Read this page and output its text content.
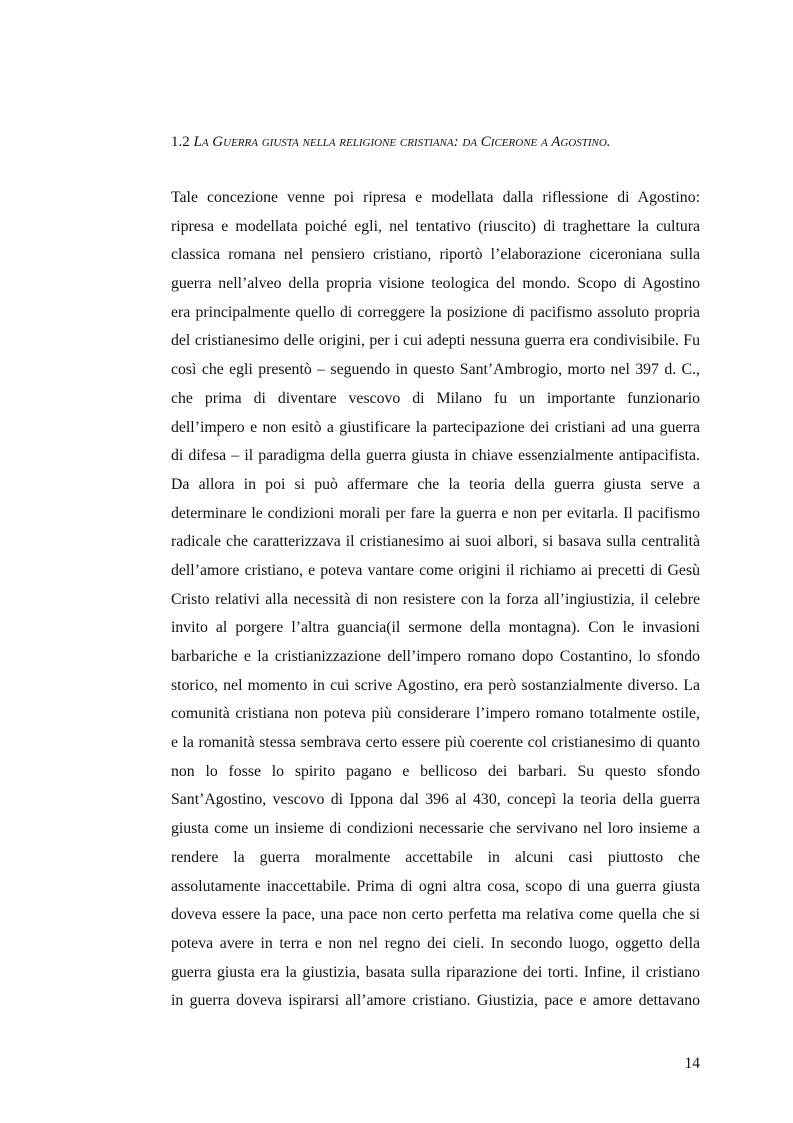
1.2 La Guerra giusta nella religione cristiana: da Cicerone a Agostino.
Tale concezione venne poi ripresa e modellata dalla riflessione di Agostino:
ripresa e modellata poiché egli, nel tentativo (riuscito) di traghettare la cultura
classica romana nel pensiero cristiano, riportò l’elaborazione ciceroniana sulla
guerra nell’alveo della propria visione teologica del mondo. Scopo di Agostino
era principalmente quello di correggere la posizione di pacifismo assoluto propria
del cristianesimo delle origini, per i cui adepti nessuna guerra era condivisibile. Fu
così che egli presentò – seguendo in questo Sant’Ambrogio, morto nel 397 d. C.,
che prima di diventare vescovo di Milano fu un importante funzionario
dell’impero e non esitò a giustificare la partecipazione dei cristiani ad una guerra
di difesa – il paradigma della guerra giusta in chiave essenzialmente antipacifista.
Da allora in poi si può affermare che la teoria della guerra giusta serve a
determinare le condizioni morali per fare la guerra e non per evitarla. Il pacifismo
radicale che caratterizzava il cristianesimo ai suoi albori, si basava sulla centralità
dell’amore cristiano, e poteva vantare come origini il richiamo ai precetti di Gesù
Cristo relativi alla necessità di non resistere con la forza all’ingiustizia, il celebre
invito al porgere l’altra guancia(il sermone della montagna). Con le invasioni
barbariche e la cristianizzazione dell’impero romano dopo Costantino, lo sfondo
storico, nel momento in cui scrive Agostino, era però sostanzialmente diverso. La
comunità cristiana non poteva più considerare l’impero romano totalmente ostile,
e la romanità stessa sembrava certo essere più coerente col cristianesimo di quanto
non lo fosse lo spirito pagano e bellicoso dei barbari. Su questo sfondo
Sant’Agostino, vescovo di Ippona dal 396 al 430, concepì la teoria della guerra
giusta come un insieme di condizioni necessarie che servivano nel loro insieme a
rendere la guerra moralmente accettabile in alcuni casi piuttosto che
assolutamente inaccettabile. Prima di ogni altra cosa, scopo di una guerra giusta
doveva essere la pace, una pace non certo perfetta ma relativa come quella che si
poteva avere in terra e non nel regno dei cieli. In secondo luogo, oggetto della
guerra giusta era la giustizia, basata sulla riparazione dei torti. Infine, il cristiano
in guerra doveva ispirarsi all’amore cristiano. Giustizia, pace e amore dettavano
14
